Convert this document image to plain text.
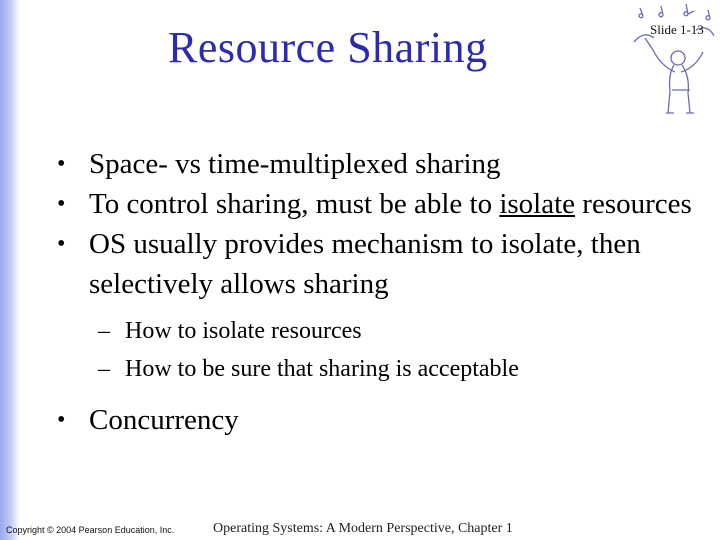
Resource Sharing	Slide 1-13
• Space- vs time-multiplexed sharing
• To control sharing, must be able to isolate resources
• OS usually provides mechanism to isolate, then selectively allows sharing
– How to isolate resources
– How to be sure that sharing is acceptable
• Concurrency
Copyright © 2004 Pearson Education, Inc.	Operating Systems: A Modern Perspective, Chapter 1
